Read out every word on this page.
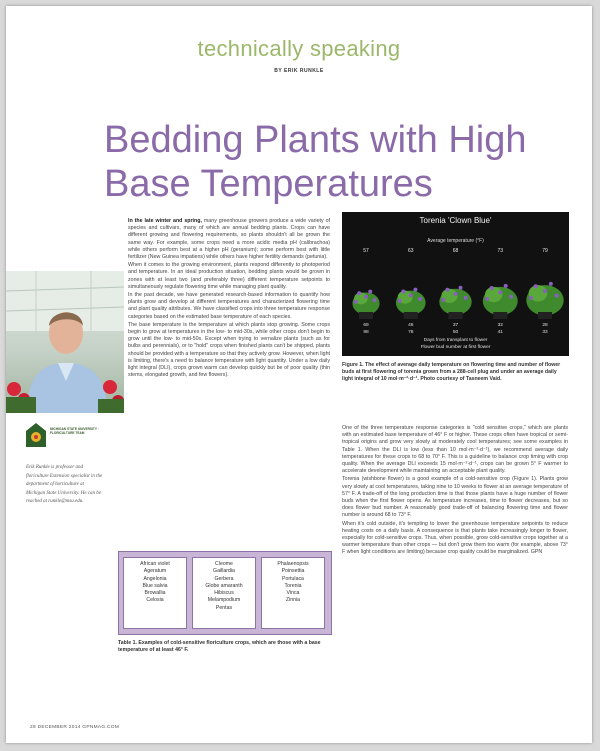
technically speaking
BY ERIK RUNKLE
Bedding Plants with High
Base Temperatures
MICHIGAN STATE UNIVERSITY · FLORICULTURE TEAM
Erik Runkle is professor and floriculture Extension specialist in the department of horticulture at Michigan State University. He can be reached at runkle@msu.edu.

In the late winter and spring, many greenhouse growers produce a wide variety of species and cultivars, many of which are annual bedding plants. Crops can have different growing and flowering requirements, so plants shouldn't all be grown the same way. For example, some crops need a more acidic media pH (calibrachoa) while others perform best at a higher pH (geranium); some perform best with little fertilizer (New Guinea impatiens) while others have higher fertility demands (petunia).

When it comes to the growing environment, plants respond differently to photoperiod and temperature. In an ideal production situation, bedding plants would be grown in zones with at least two (and preferably three) different temperature setpoints to simultaneously regulate flowering time while managing plant quality.

In the past decade, we have generated research-based information to quantify how plants grow and develop at different temperatures and characterized flowering time and plant quality attributes. We have classified crops into three temperature response categories based on the estimated base temperature of each species.

The base temperature is the temperature at which plants stop growing. Some crops begin to grow at temperatures in the low- to mid-30s, while other crops don't begin to grow until the low- to mid-50s. Except when trying to vernalize plants (such as for bulbs and perennials), or to "hold" crops when finished plants can't be shipped, plants should be provided with a temperature so that they actively grow. However, when light is limiting, there's a need to balance temperature with light quantity. Under a low daily light integral (DLI), crops grown warm can develop quickly but be of poor quality (thin stems, elongated growth, and few flowers).

Torenia 'Clown Blue'
Average temperature (°F)
57
69
98
63
46
78
68
37
50
73
32
41
79
28
33
Days from transplant to flower
Flower bud number at first flower
Figure 1. The effect of average daily temperature on flowering time and number of flower buds at first flowering of torenia grown from a 288-cell plug and under an average daily light integral of 10 mol·m⁻²·d⁻¹. Photo courtesy of Tasneem Vaid.

One of the three temperature response categories is "cold sensitive crops," which are plants with an estimated base temperature of 46° F or higher. These crops often have tropical or semi-tropical origins and grow very slowly at moderately cool temperatures; see some examples in Table 1. When the DLI is low (less than 10 mol·m⁻²·d⁻¹), we recommend average daily temperatures for these crops to 68 to 70° F. This is a guideline to balance crop timing with crop quality. When the average DLI exceeds 15 mol·m⁻²·d⁻¹, crops can be grown 5° F warmer to accelerate development while maintaining an acceptable plant quality.

Torenia (wishbone flower) is a good example of a cold-sensitive crop (Figure 1). Plants grow very slowly at cool temperatures, taking nine to 10 weeks to flower at an average temperature of 57° F. A trade-off of the long production time is that those plants have a huge number of flower buds when the first flower opens. As temperature increases, time to flower decreases, but so does flower bud number. A reasonably good trade-off of balancing flowering time and flower number is around 68 to 73° F.

When it's cold outside, it's tempting to lower the greenhouse temperature setpoints to reduce heating costs on a daily basis. A consequence is that plants take increasingly longer to flower, especially for cold-sensitive crops. Thus, when possible, grow cold-sensitive crops together at a warmer temperature than other crops — but don't grow them too warm (for example, above 73° F when light conditions are limiting) because crop quality could be marginalized. GPN

African violet
Ageratum
Angelonia
Blue salvia
Browallia
Celosia
Cleome
Gaillardia
Gerbera
Globe amaranth
Hibiscus
Melampodium
Pentas
Phalaenopsis
Poinsettia
Portulaca
Torenia
Vinca
Zinnia
Table 1. Examples of cold-sensitive floriculture crops, which are those with a base temperature of at least 46° F.
28 DECEMBER 2014 GPNMAG.COM
